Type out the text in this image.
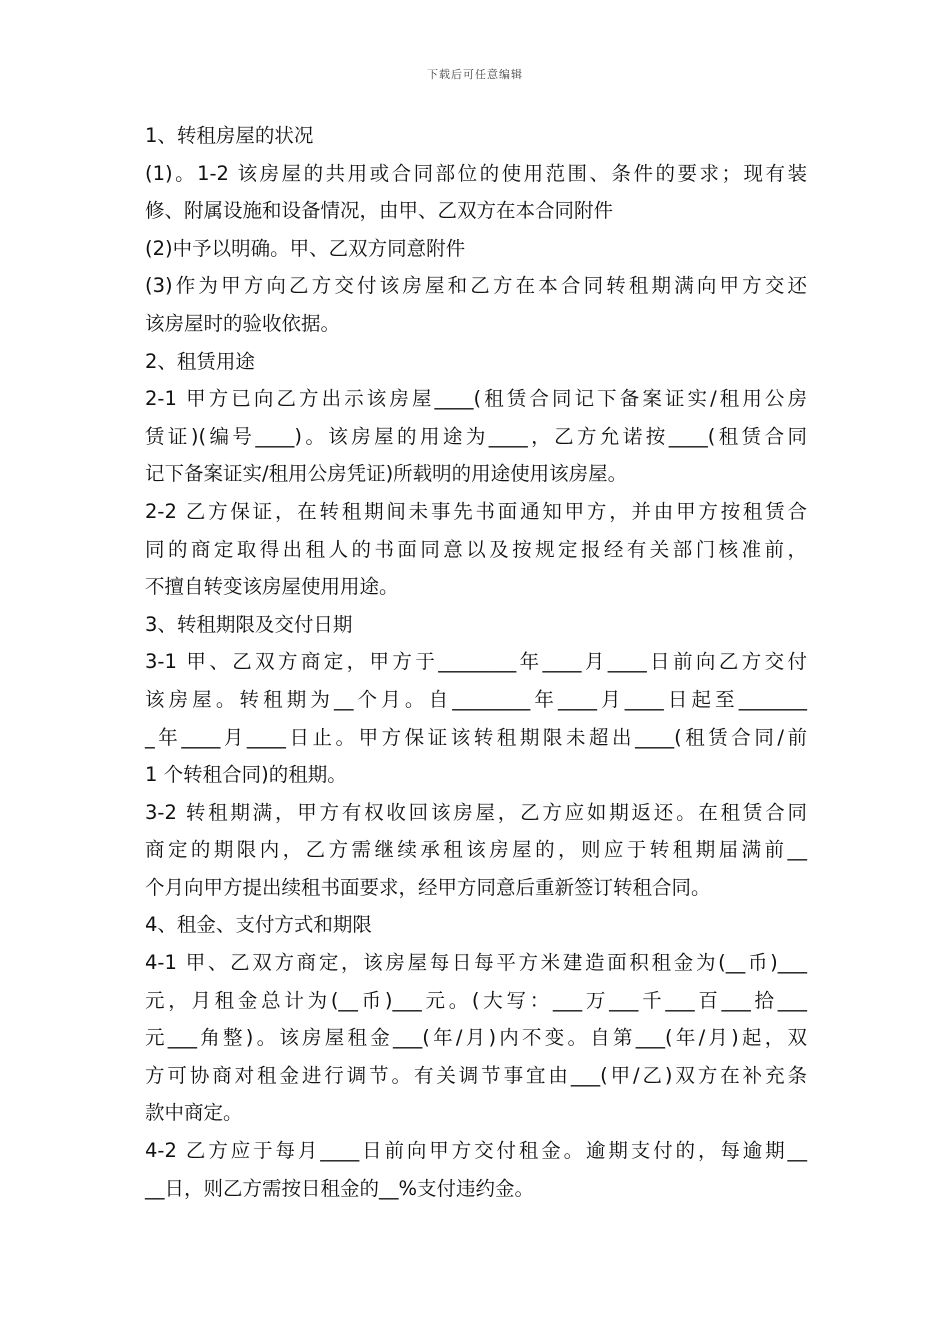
下载后可任意编辑
1、转租房屋的状况
(1)。1-2 该房屋的共用或合同部位的使用范围、条件的要求；现有装
修、附属设施和设备情况，由甲、乙双方在本合同附件
(2)中予以明确。甲、乙双方同意附件
(3)作为甲方向乙方交付该房屋和乙方在本合同转租期满向甲方交还
该房屋时的验收依据。
2、租赁用途
2-1 甲方已向乙方出示该房屋____(租赁合同记下备案证实/租用公房
赁证)(编号____)。该房屋的用途为____，乙方允诺按____(租赁合同
记下备案证实/租用公房凭证)所载明的用途使用该房屋。
2-2 乙方保证，在转租期间未事先书面通知甲方，并由甲方按租赁合
同的商定取得出租人的书面同意以及按规定报经有关部门核准前，
不擅自转变该房屋使用用途。
3、转租期限及交付日期
3-1 甲、乙双方商定，甲方于________年____月____日前向乙方交付
该房屋。转租期为__个月。自________年____月____日起至_______
_年____月____日止。甲方保证该转租期限未超出____(租赁合同/前
1 个转租合同)的租期。
3-2 转租期满，甲方有权收回该房屋，乙方应如期返还。在租赁合同
商定的期限内，乙方需继续承租该房屋的，则应于转租期届满前__
个月向甲方提出续租书面要求，经甲方同意后重新签订转租合同。
4、租金、支付方式和期限
4-1 甲、乙双方商定，该房屋每日每平方米建造面积租金为(__币)___
元，月租金总计为(__币)___元。(大写：___万___千___百___拾___
元___角整)。该房屋租金___(年/月)内不变。自第___(年/月)起，双
方可协商对租金进行调节。有关调节事宜由___(甲/乙)双方在补充条
款中商定。
4-2 乙方应于每月____日前向甲方交付租金。逾期支付的，每逾期__
__日，则乙方需按日租金的__%支付违约金。
